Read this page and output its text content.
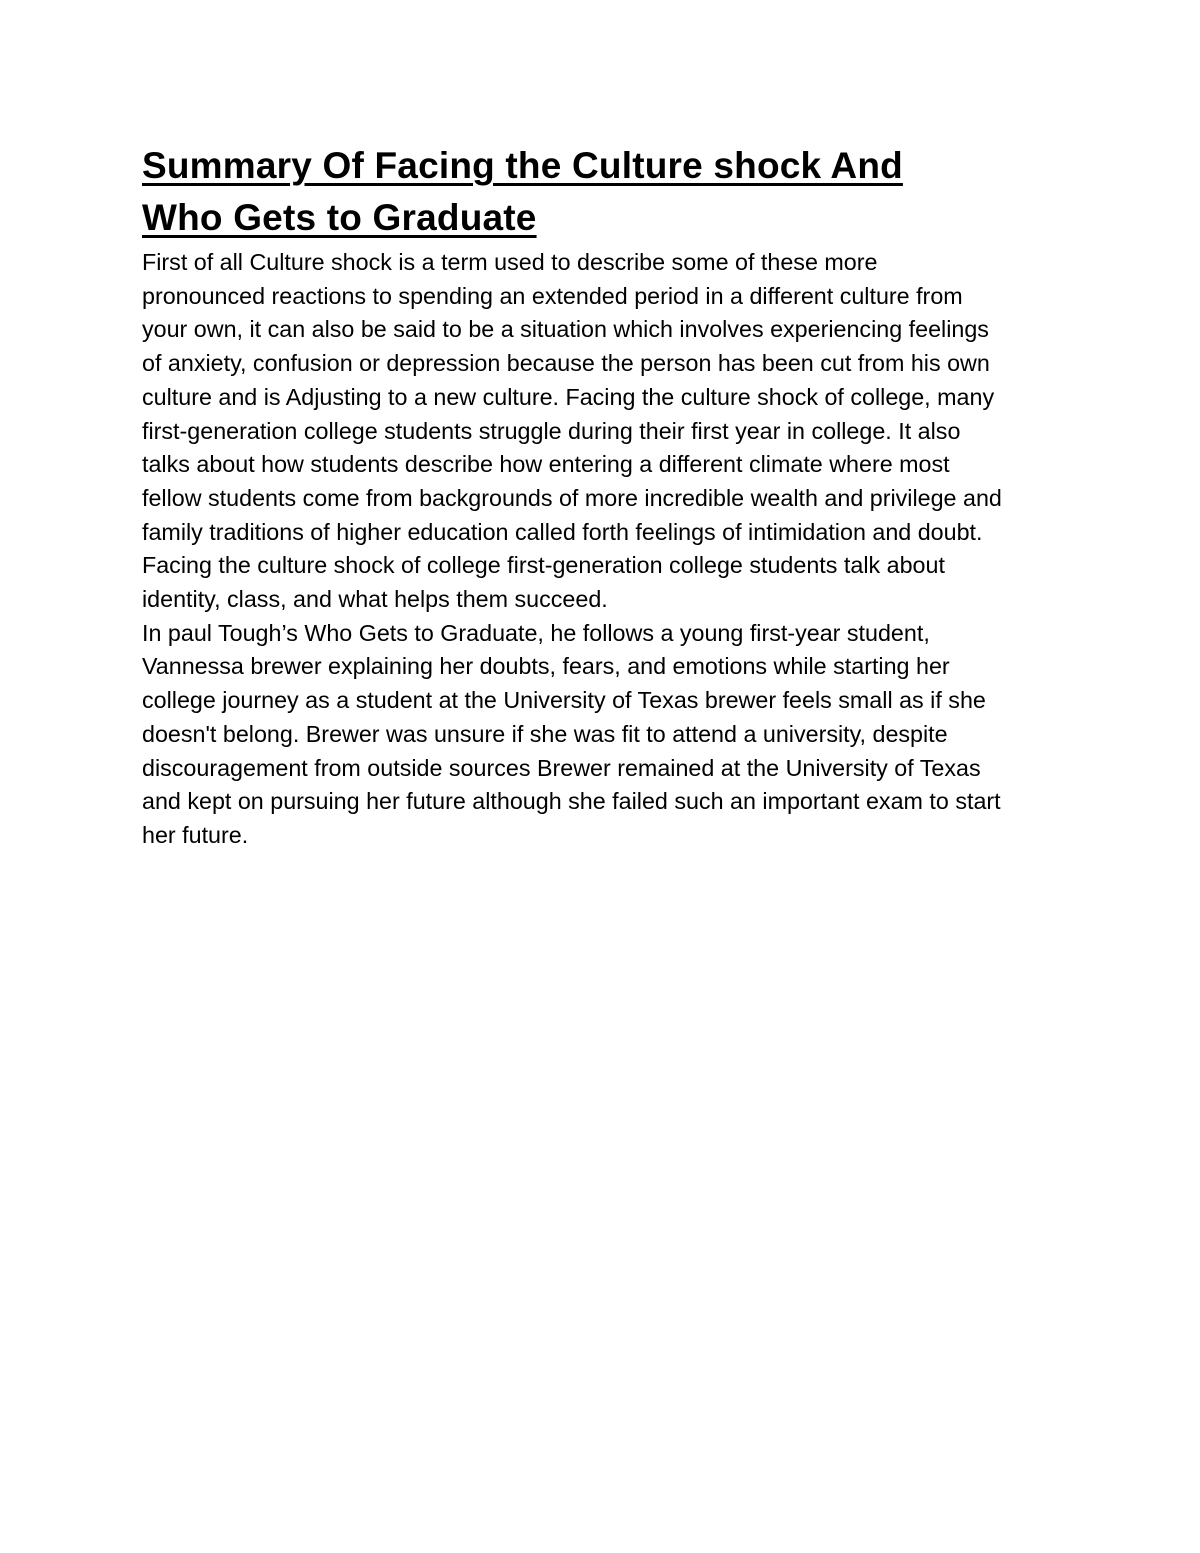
Summary Of Facing the Culture shock And
Who Gets to Graduate
First of all Culture shock is a term used to describe some of these more
pronounced reactions to spending an extended period in a different culture from
your own, it can also be said to be a situation which involves experiencing feelings
of anxiety, confusion or depression because the person has been cut from his own
culture and is Adjusting to a new culture. Facing the culture shock of college, many
first-generation college students struggle during their first year in college. It also
talks about how students describe how entering a different climate where most
fellow students come from backgrounds of more incredible wealth and privilege and
family traditions of higher education called forth feelings of intimidation and doubt.
Facing the culture shock of college first-generation college students talk about
identity, class, and what helps them succeed.
In paul Tough’s Who Gets to Graduate, he follows a young first-year student,
Vannessa brewer explaining her doubts, fears, and emotions while starting her
college journey as a student at the University of Texas brewer feels small as if she
doesn't belong. Brewer was unsure if she was fit to attend a university, despite
discouragement from outside sources Brewer remained at the University of Texas
and kept on pursuing her future although she failed such an important exam to start
her future.
